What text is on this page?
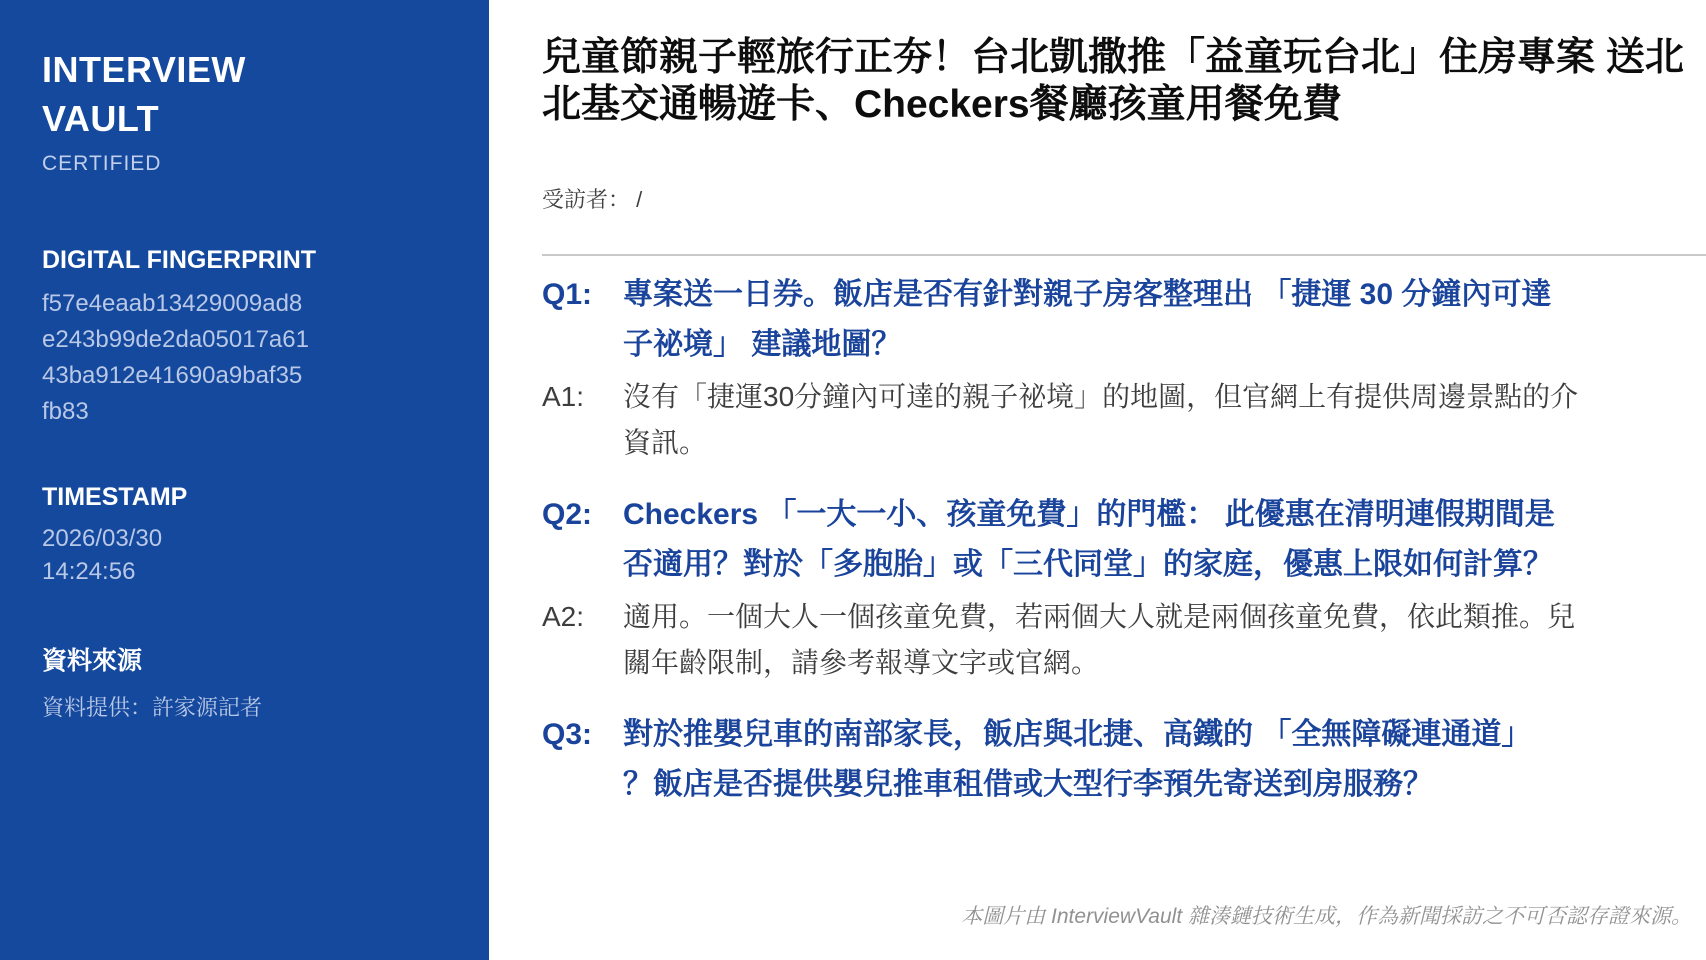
INTERVIEW
VAULT
CERTIFIED
DIGITAL FINGERPRINT
f57e4eaab13429009ad8
e243b99de2da05017a61
43ba912e41690a9baf35
fb83
TIMESTAMP
2026/03/30
14:24:56
資料來源
資料提供：許家源記者
兒童節親子輕旅行正夯！台北凱撒推「益童玩台北」住房專案 送北
北基交通暢遊卡、Checkers餐廳孩童用餐免費
受訪者： /
Q1:	專案送一日券。飯店是否有針對親子房客整理出 「捷運 30 分鐘內可達
子祕境」 建議地圖？
A1:	沒有「捷運30分鐘內可達的親子祕境」的地圖，但官網上有提供周邊景點的介
資訊。
Q2:	Checkers 「一大一小、孩童免費」的門檻： 此優惠在清明連假期間是
否適用？對於「多胞胎」或「三代同堂」的家庭，優惠上限如何計算？
A2:	適用。一個大人一個孩童免費，若兩個大人就是兩個孩童免費，依此類推。兒
關年齡限制，請參考報導文字或官網。
Q3:	對於推嬰兒車的南部家長，飯店與北捷、高鐵的 「全無障礙連通道」
？飯店是否提供嬰兒推車租借或大型行李預先寄送到房服務？
本圖片由 InterviewVault 雜湊鏈技術生成，作為新聞採訪之不可否認存證來源。
